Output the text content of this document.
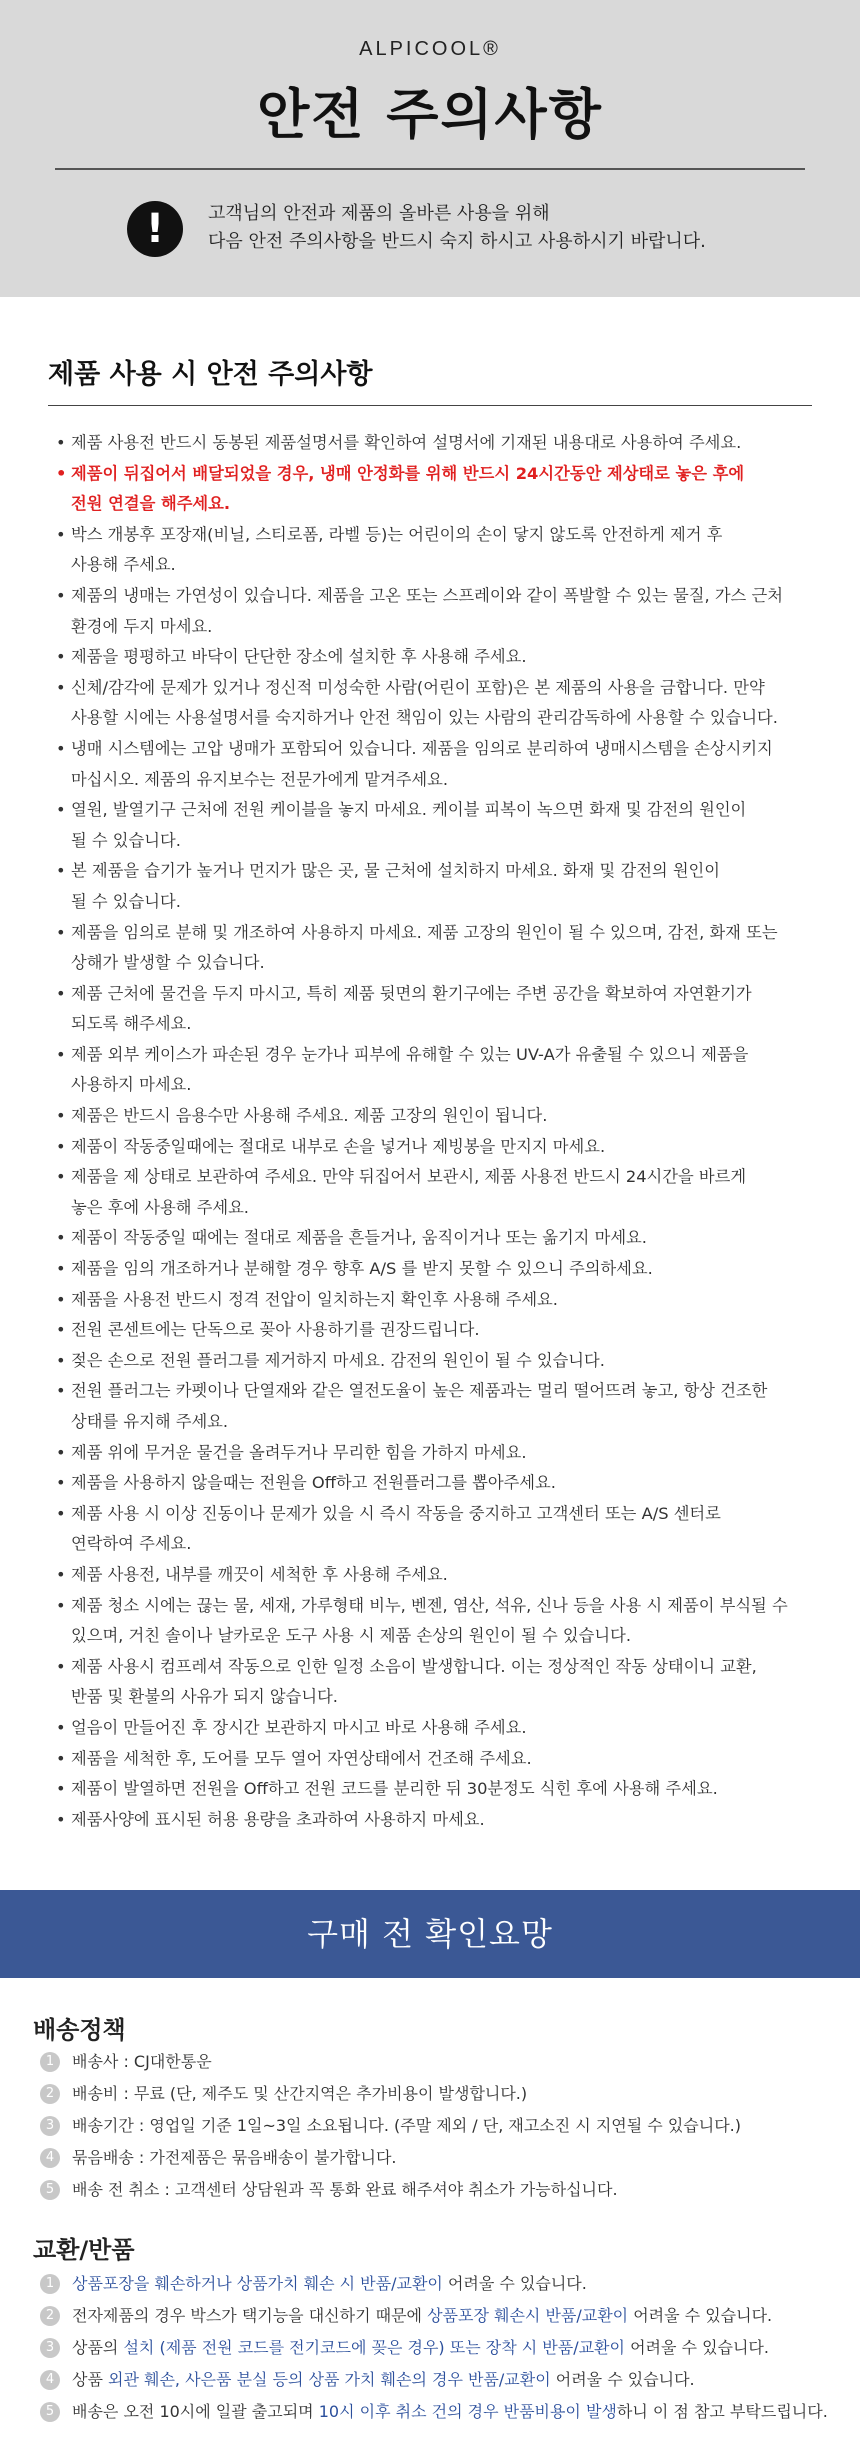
ALPICOOL®
안전 주의사항
!	고객님의 안전과 제품의 올바른 사용을 위해
다음 안전 주의사항을 반드시 숙지 하시고 사용하시기 바랍니다.
제품 사용 시 안전 주의사항
• 제품 사용전 반드시 동봉된 제품설명서를 확인하여 설명서에 기재된 내용대로 사용하여 주세요.
• 제품이 뒤집어서 배달되었을 경우, 냉매 안정화를 위해 반드시 24시간동안 제상태로 놓은 후에
전원 연결을 해주세요.
• 박스 개봉후 포장재(비닐, 스티로폼, 라벨 등)는 어린이의 손이 닿지 않도록 안전하게 제거 후
사용해 주세요.
• 제품의 냉매는 가연성이 있습니다. 제품을 고온 또는 스프레이와 같이 폭발할 수 있는 물질, 가스 근처
환경에 두지 마세요.
• 제품을 평평하고 바닥이 단단한 장소에 설치한 후 사용해 주세요.
• 신체/감각에 문제가 있거나 정신적 미성숙한 사람(어린이 포함)은 본 제품의 사용을 금합니다. 만약
사용할 시에는 사용설명서를 숙지하거나 안전 책임이 있는 사람의 관리감독하에 사용할 수 있습니다.
• 냉매 시스템에는 고압 냉매가 포함되어 있습니다. 제품을 임의로 분리하여 냉매시스템을 손상시키지
마십시오. 제품의 유지보수는 전문가에게 맡겨주세요.
• 열원, 발열기구 근처에 전원 케이블을 놓지 마세요. 케이블 피복이 녹으면 화재 및 감전의 원인이
될 수 있습니다.
• 본 제품을 습기가 높거나 먼지가 많은 곳, 물 근처에 설치하지 마세요. 화재 및 감전의 원인이
될 수 있습니다.
• 제품을 임의로 분해 및 개조하여 사용하지 마세요. 제품 고장의 원인이 될 수 있으며, 감전, 화재 또는
상해가 발생할 수 있습니다.
• 제품 근처에 물건을 두지 마시고, 특히 제품 뒷면의 환기구에는 주변 공간을 확보하여 자연환기가
되도록 해주세요.
• 제품 외부 케이스가 파손된 경우 눈가나 피부에 유해할 수 있는 UV-A가 유출될 수 있으니 제품을
사용하지 마세요.
• 제품은 반드시 음용수만 사용해 주세요. 제품 고장의 원인이 됩니다.
• 제품이 작동중일때에는 절대로 내부로 손을 넣거나 제빙봉을 만지지 마세요.
• 제품을 제 상태로 보관하여 주세요. 만약 뒤집어서 보관시, 제품 사용전 반드시 24시간을 바르게
놓은 후에 사용해 주세요.
• 제품이 작동중일 때에는 절대로 제품을 흔들거나, 움직이거나 또는 옮기지 마세요.
• 제품을 임의 개조하거나 분해할 경우 향후 A/S 를 받지 못할 수 있으니 주의하세요.
• 제품을 사용전 반드시 정격 전압이 일치하는지 확인후 사용해 주세요.
• 전원 콘센트에는 단독으로 꽂아 사용하기를 권장드립니다.
• 젖은 손으로 전원 플러그를 제거하지 마세요. 감전의 원인이 될 수 있습니다.
• 전원 플러그는 카펫이나 단열재와 같은 열전도율이 높은 제품과는 멀리 떨어뜨려 놓고, 항상 건조한
상태를 유지해 주세요.
• 제품 위에 무거운 물건을 올려두거나 무리한 힘을 가하지 마세요.
• 제품을 사용하지 않을때는 전원을 Off하고 전원플러그를 뽑아주세요.
• 제품 사용 시 이상 진동이나 문제가 있을 시 즉시 작동을 중지하고 고객센터 또는 A/S 센터로
연락하여 주세요.
• 제품 사용전, 내부를 깨끗이 세척한 후 사용해 주세요.
• 제품 청소 시에는 끊는 물, 세재, 가루형태 비누, 벤젠, 염산, 석유, 신나 등을 사용 시 제품이 부식될 수
있으며, 거친 솔이나 날카로운 도구 사용 시 제품 손상의 원인이 될 수 있습니다.
• 제품 사용시 컴프레셔 작동으로 인한 일정 소음이 발생합니다. 이는 정상적인 작동 상태이니 교환,
반품 및 환불의 사유가 되지 않습니다.
• 얼음이 만들어진 후 장시간 보관하지 마시고 바로 사용해 주세요.
• 제품을 세척한 후, 도어를 모두 열어 자연상태에서 건조해 주세요.
• 제품이 발열하면 전원을 Off하고 전원 코드를 분리한 뒤 30분정도 식힌 후에 사용해 주세요.
• 제품사양에 표시된 허용 용량을 초과하여 사용하지 마세요.
구매 전 확인요망
배송정책
1	배송사 : CJ대한통운
2	배송비 : 무료 (단, 제주도 및 산간지역은 추가비용이 발생합니다.)
3	배송기간 : 영업일 기준 1일~3일 소요됩니다. (주말 제외 / 단, 재고소진 시 지연될 수 있습니다.)
4	묶음배송 : 가전제품은 묶음배송이 불가합니다.
5	배송 전 취소 : 고객센터 상담원과 꼭 통화 완료 해주셔야 취소가 가능하십니다.
교환/반품
1	상품포장을 훼손하거나 상품가치 훼손 시 반품/교환이 어려울 수 있습니다.
2	전자제품의 경우 박스가 택기능을 대신하기 때문에 상품포장 훼손시 반품/교환이 어려울 수 있습니다.
3	상품의 설치 (제품 전원 코드를 전기코드에 꽂은 경우) 또는 장착 시 반품/교환이 어려울 수 있습니다.
4	상품 외관 훼손, 사은품 분실 등의 상품 가치 훼손의 경우 반품/교환이 어려울 수 있습니다.
5	배송은 오전 10시에 일괄 출고되며 10시 이후 취소 건의 경우 반품비용이 발생하니 이 점 참고 부탁드립니다.
